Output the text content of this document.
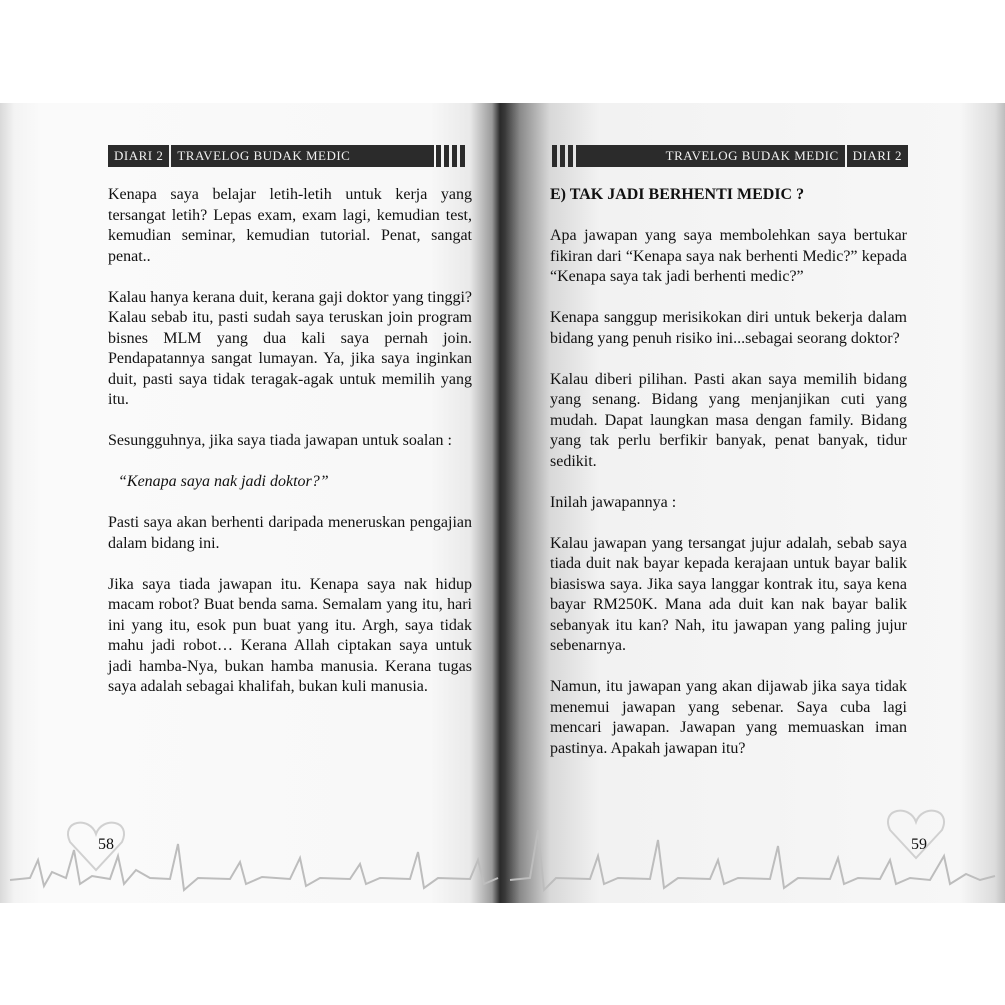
DIARI 2	TRAVELOG BUDAK MEDIC	TRAVELOG BUDAK MEDIC	DIARI 2

Kenapa saya belajar letih-letih untuk kerja yang tersangat letih? Lepas exam, exam lagi, kemudian test, kemudian seminar, kemudian tutorial. Penat, sangat penat..

Kalau hanya kerana duit, kerana gaji doktor yang tinggi? Kalau sebab itu, pasti sudah saya teruskan join program bisnes MLM yang dua kali saya pernah join. Pendapatannya sangat lumayan. Ya, jika saya inginkan duit, pasti saya tidak teragak-agak untuk memilih yang itu.

Sesungguhnya, jika saya tiada jawapan untuk soalan :

“Kenapa saya nak jadi doktor?”

Pasti saya akan berhenti daripada meneruskan pengajian dalam bidang ini.

Jika saya tiada jawapan itu. Kenapa saya nak hidup macam robot? Buat benda sama. Semalam yang itu, hari ini yang itu, esok pun buat yang itu. Argh, saya tidak mahu jadi robot… Kerana Allah ciptakan saya untuk jadi hamba-Nya, bukan hamba manusia. Kerana tugas saya adalah sebagai khalifah, bukan kuli manusia.

E) TAK JADI BERHENTI MEDIC ?

Apa jawapan yang saya membolehkan saya bertukar fikiran dari “Kenapa saya nak berhenti Medic?” kepada “Kenapa saya tak jadi berhenti medic?”

Kenapa sanggup merisikokan diri untuk bekerja dalam bidang yang penuh risiko ini...sebagai seorang doktor?

Kalau diberi pilihan. Pasti akan saya memilih bidang yang senang. Bidang yang menjanjikan cuti yang mudah. Dapat laungkan masa dengan family. Bidang yang tak perlu berfikir banyak, penat banyak, tidur sedikit.

Inilah jawapannya :

Kalau jawapan yang tersangat jujur adalah, sebab saya tiada duit nak bayar kepada kerajaan untuk bayar balik biasiswa saya. Jika saya langgar kontrak itu, saya kena bayar RM250K. Mana ada duit kan nak bayar balik sebanyak itu kan? Nah, itu jawapan yang paling jujur sebenarnya.

Namun, itu jawapan yang akan dijawab jika saya tidak menemui jawapan yang sebenar. Saya cuba lagi mencari jawapan. Jawapan yang memuaskan iman pastinya. Apakah jawapan itu?

58	59
